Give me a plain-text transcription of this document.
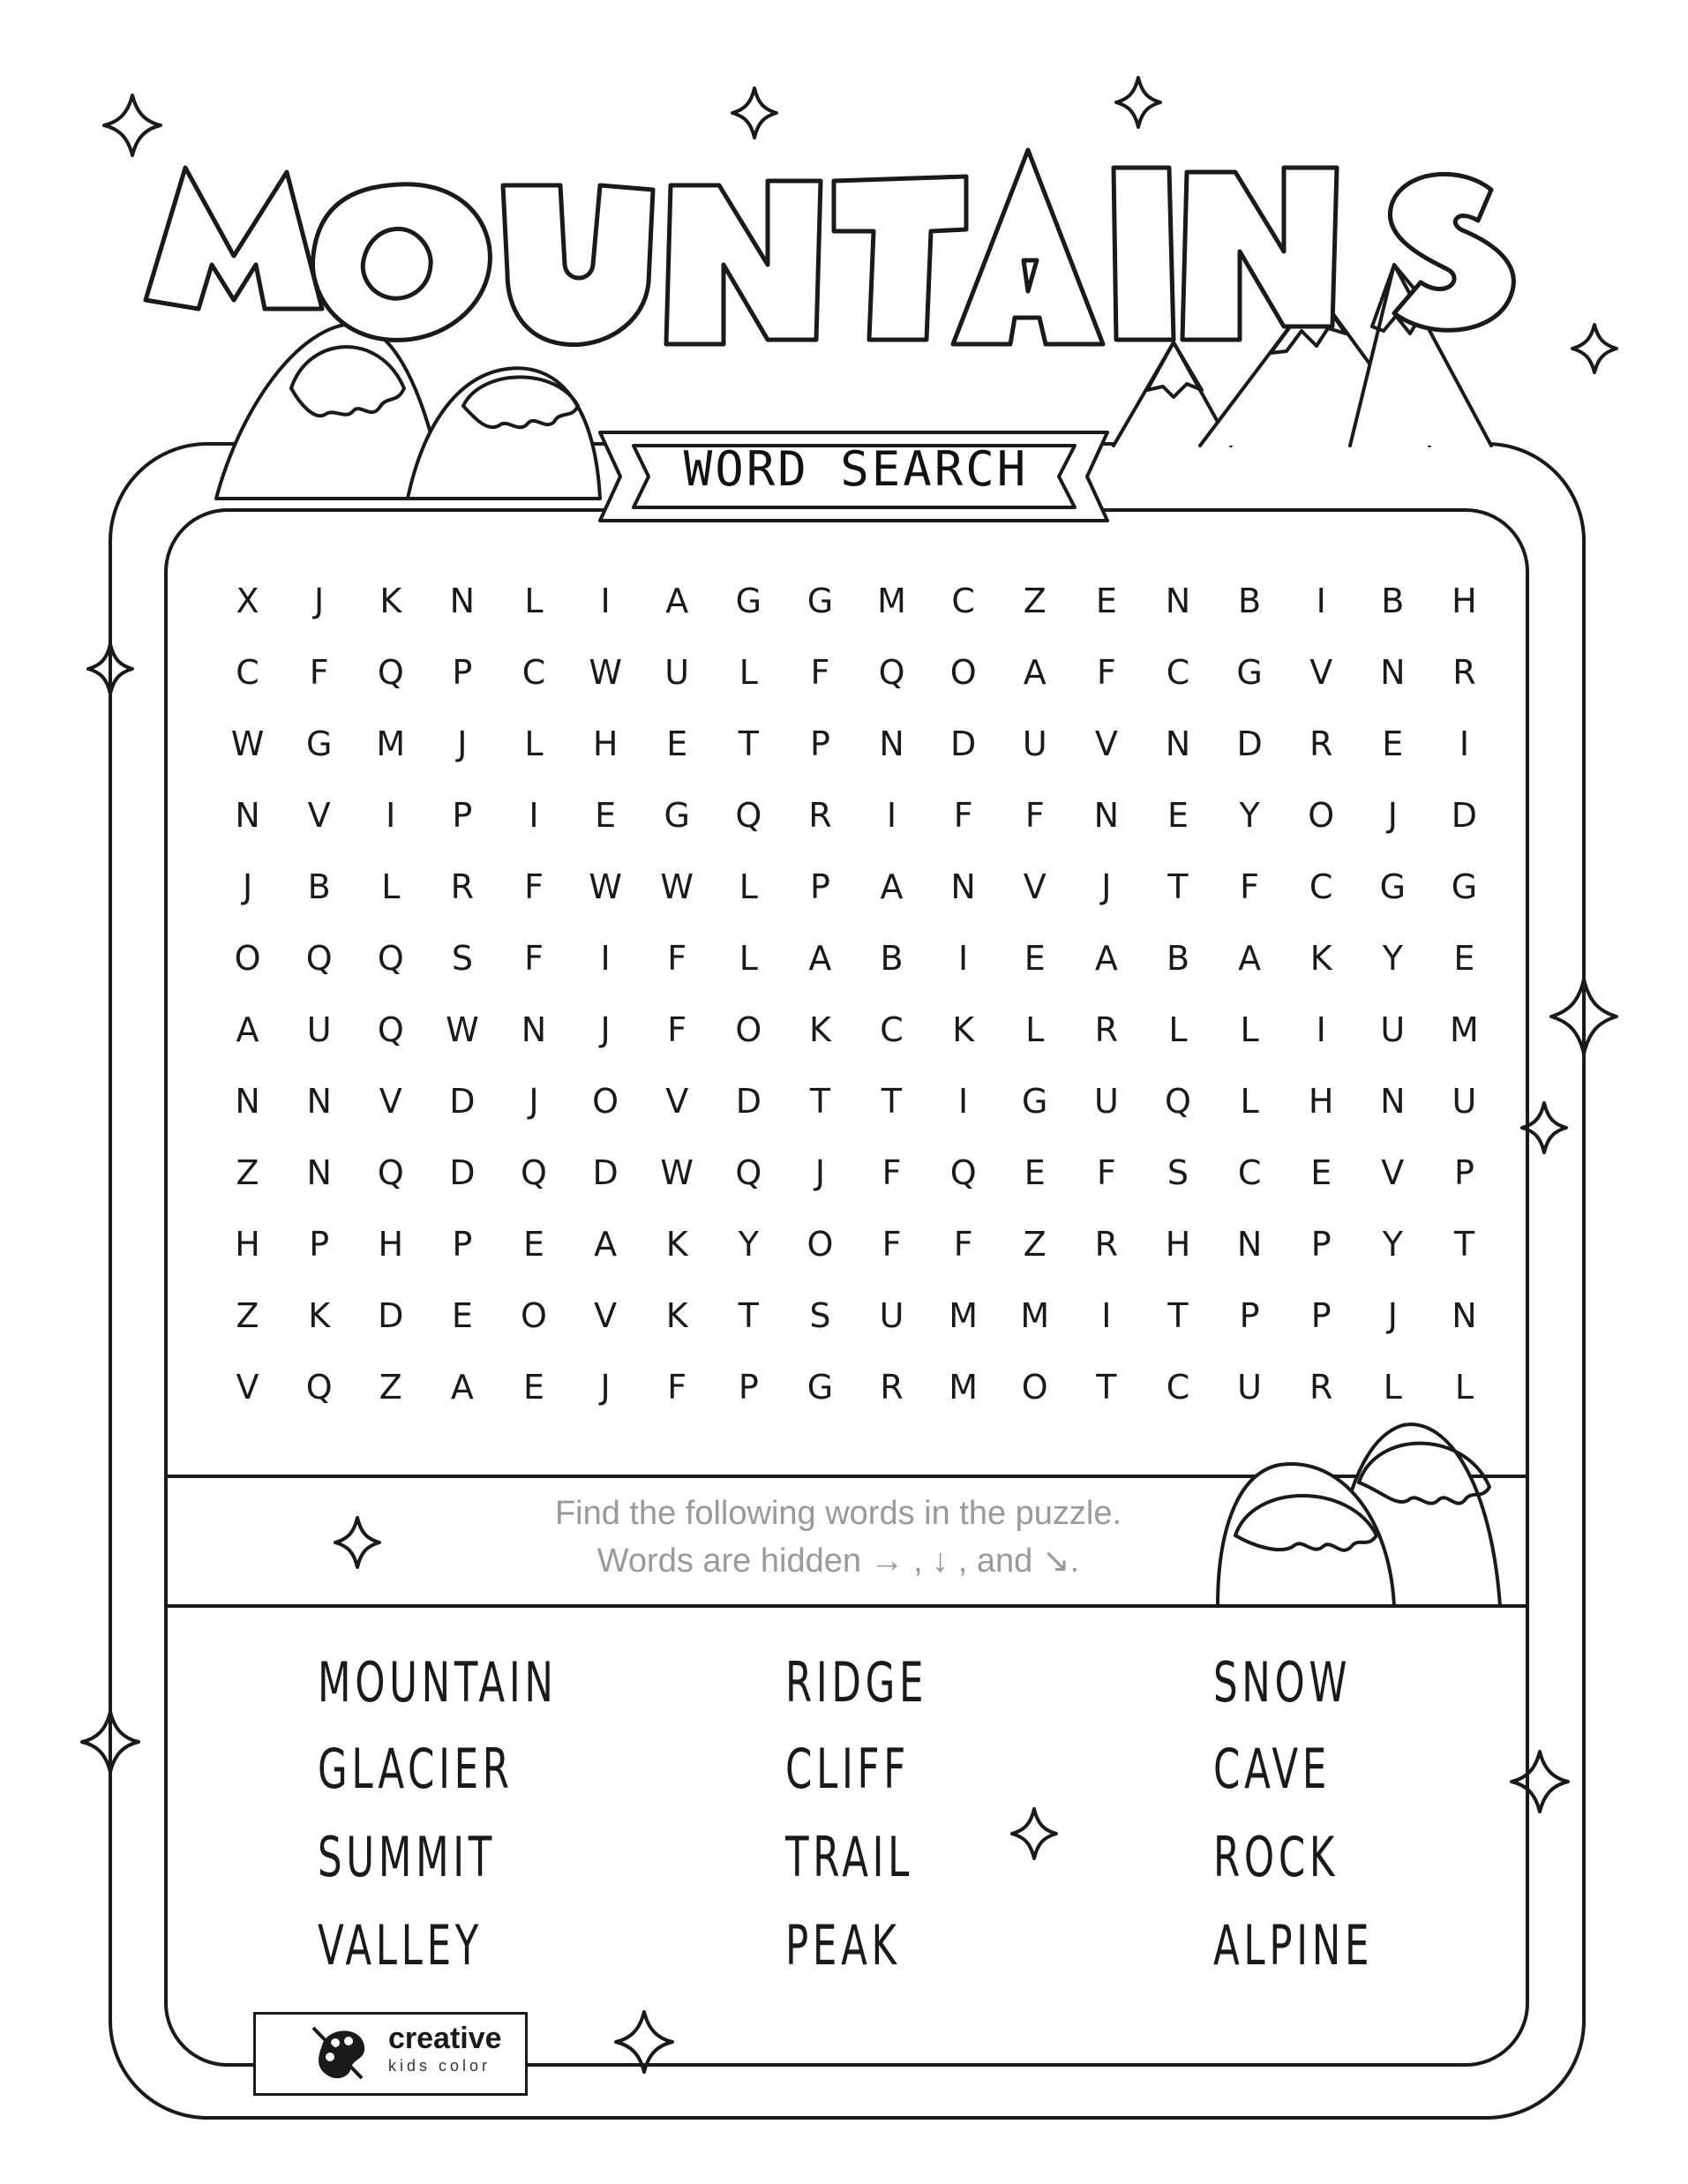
WORD SEARCH
X	J	K	N	L	I	A	G	G	M	C	Z	E	N	B	I	B	H
C	F	Q	P	C	W	U	L	F	Q	O	A	F	C	G	V	N	R
W	G	M	J	L	H	E	T	P	N	D	U	V	N	D	R	E	I
N	V	I	P	I	E	G	Q	R	I	F	F	N	E	Y	O	J	D
J	B	L	R	F	W	W	L	P	A	N	V	J	T	F	C	G	G
O	Q	Q	S	F	I	F	L	A	B	I	E	A	B	A	K	Y	E
A	U	Q	W	N	J	F	O	K	C	K	L	R	L	L	I	U	M
N	N	V	D	J	O	V	D	T	T	I	G	U	Q	L	H	N	U
Z	N	Q	D	Q	D	W	Q	J	F	Q	E	F	S	C	E	V	P
H	P	H	P	E	A	K	Y	O	F	F	Z	R	H	N	P	Y	T
Z	K	D	E	O	V	K	T	S	U	M	M	I	T	P	P	J	N
V	Q	Z	A	E	J	F	P	G	R	M	O	T	C	U	R	L	L
Find the following words in the puzzle.
Words are hidden → , ↓ , and ↘.
MOUNTAIN	RIDGE	SNOW
GLACIER	CLIFF	CAVE
SUMMIT	TRAIL	ROCK
VALLEY	PEAK	ALPINE
creative
kids color
